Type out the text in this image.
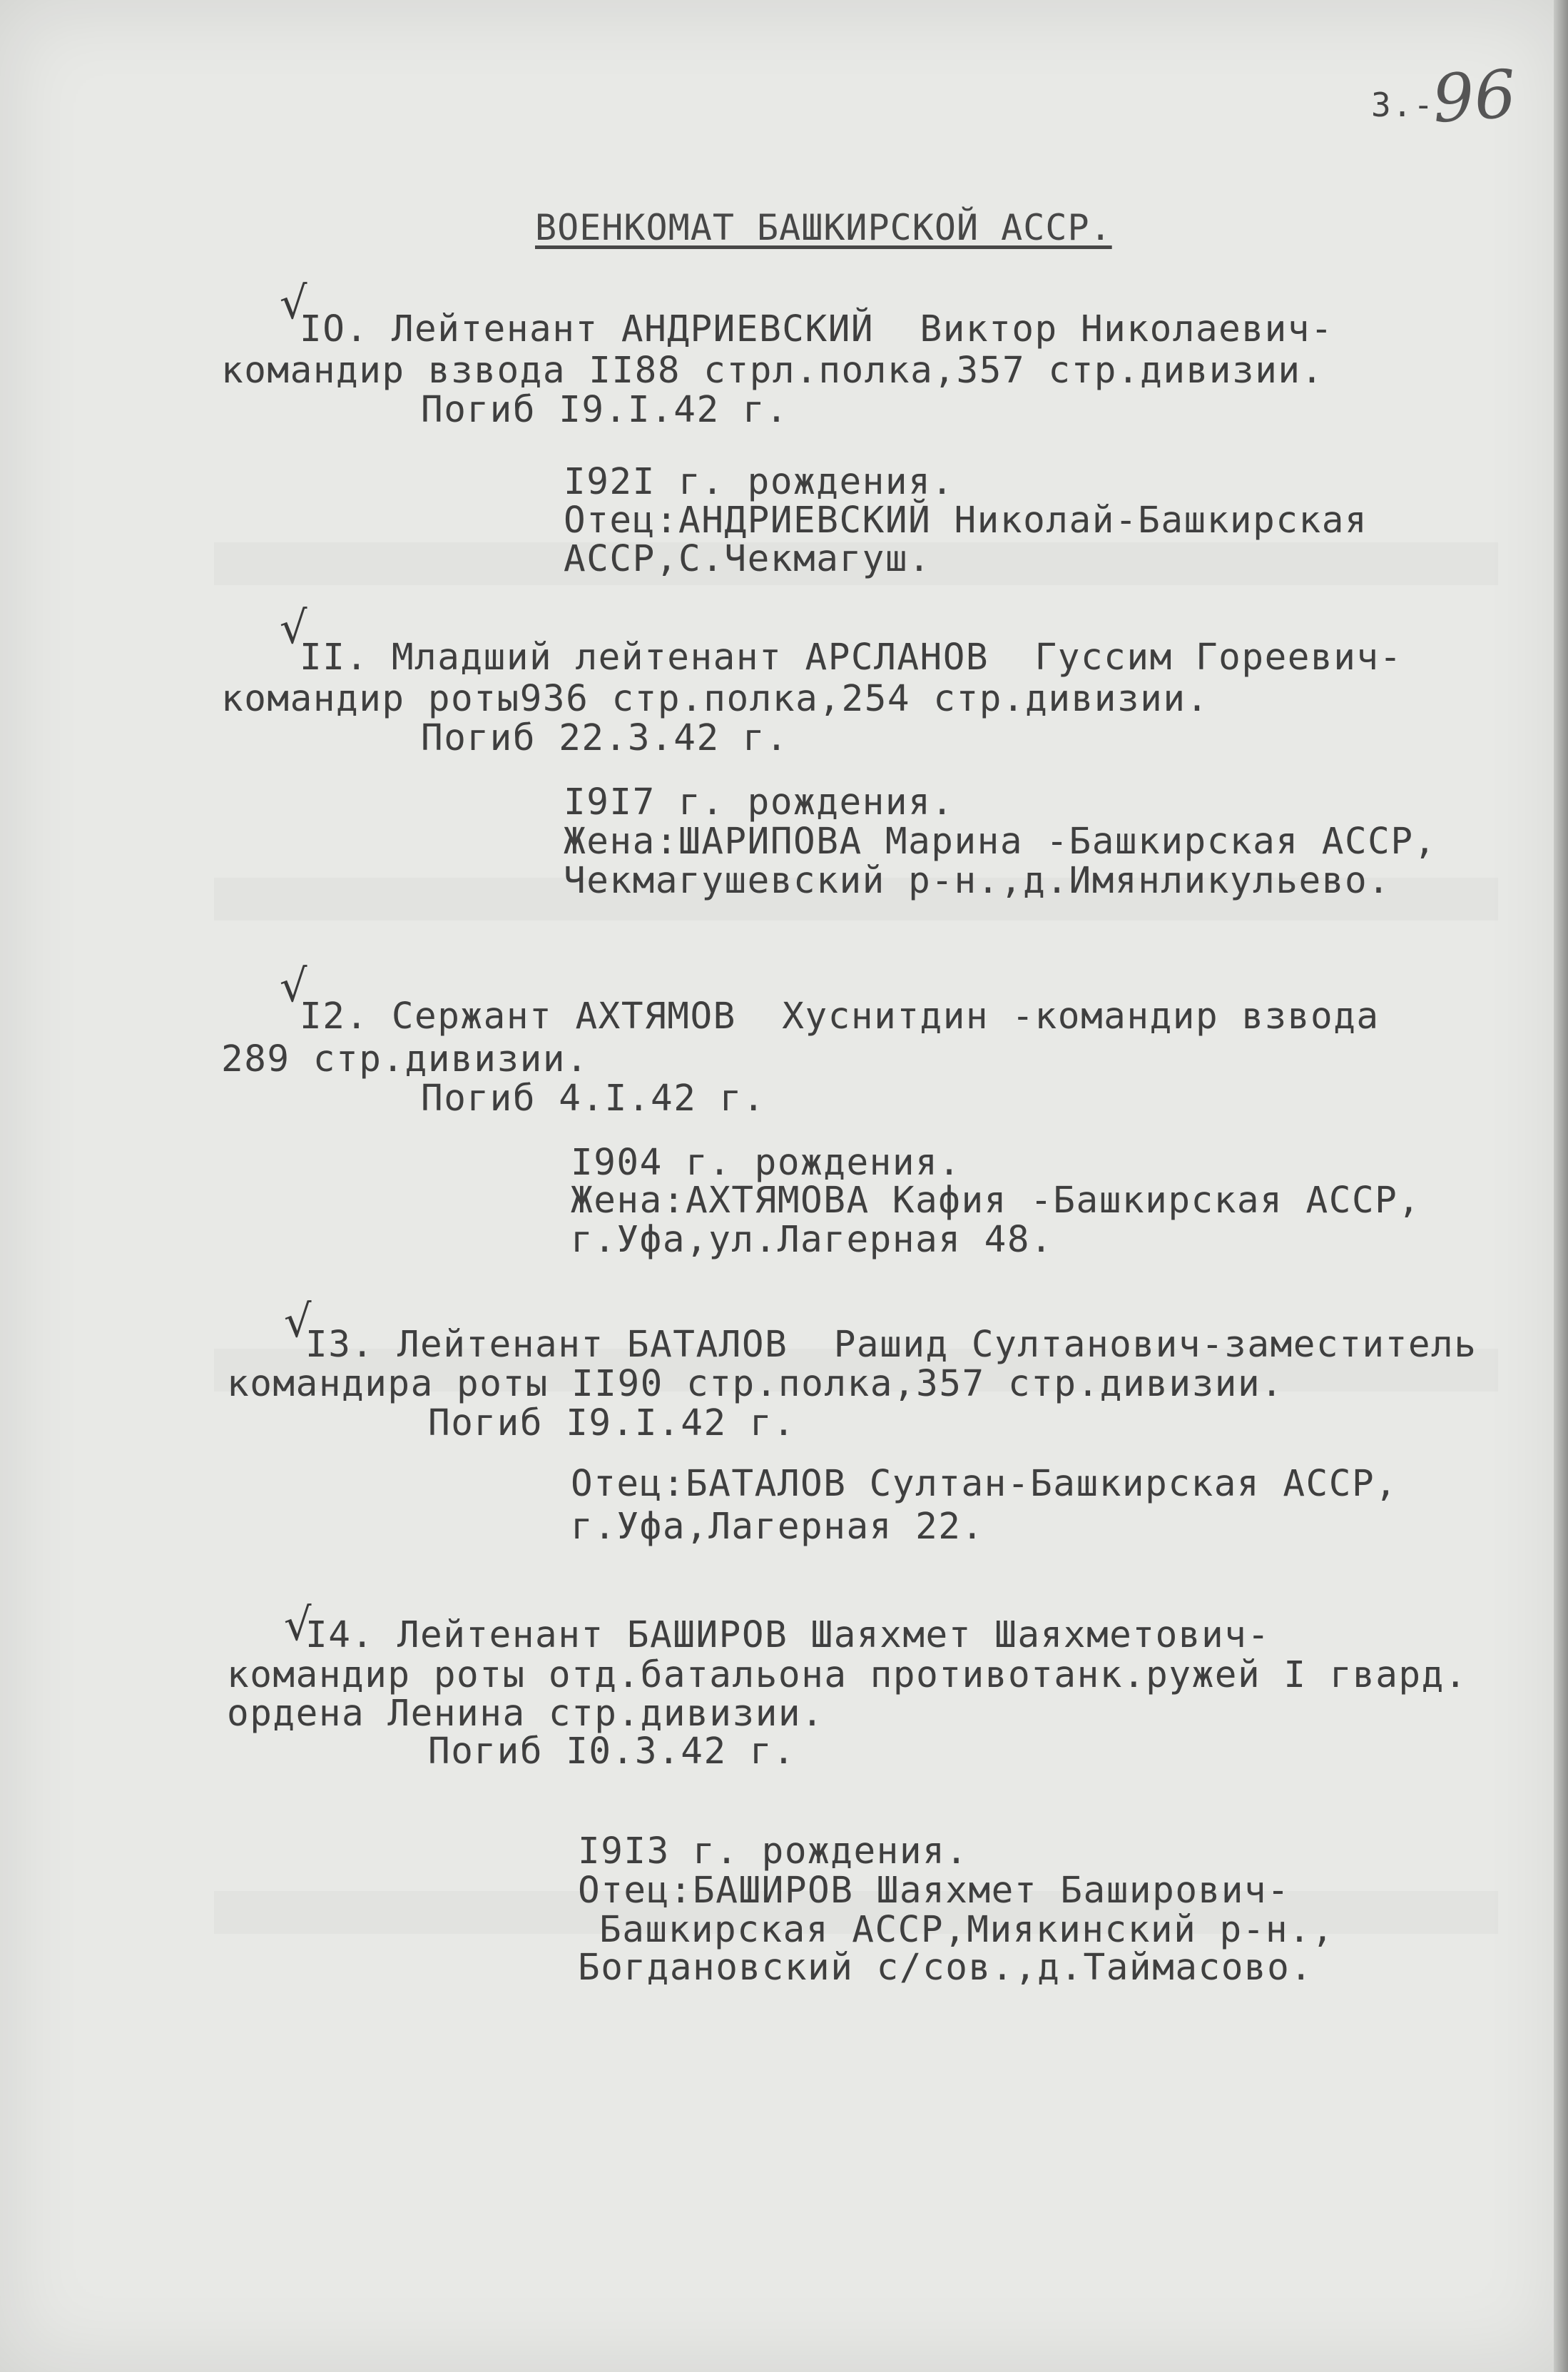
3.-
96
ВОЕНКОМАТ БАШКИРСКОЙ АССР.
√
IO. Лейтенант АНДРИЕВСКИЙ  Виктор Николаевич-
командир взвода II88 стрл.полка,357 стр.дивизии.
Погиб I9.I.42 г.
I92I г. рождения.
Отец:АНДРИЕВСКИЙ Николай-Башкирская
АССР,С.Чекмагуш.
√
II. Младший лейтенант АРСЛАНОВ  Гуссим Гореевич-
командир роты936 стр.полка,254 стр.дивизии.
Погиб 22.3.42 г.
I9I7 г. рождения.
Жена:ШАРИПОВА Марина -Башкирская АССР,
Чекмагушевский р-н.,д.Имянликульево.
√
I2. Сержант АХТЯМОВ  Хуснитдин -командир взвода
289 стр.дивизии.
Погиб 4.I.42 г.
I904 г. рождения.
Жена:АХТЯМОВА Кафия -Башкирская АССР,
г.Уфа,ул.Лагерная 48.
√
I3. Лейтенант БАТАЛОВ  Рашид Султанович-заместитель
командира роты II90 стр.полка,357 стр.дивизии.
Погиб I9.I.42 г.
Отец:БАТАЛОВ Султан-Башкирская АССР,
г.Уфа,Лагерная 22.
√
I4. Лейтенант БАШИРОВ Шаяхмет Шаяхметович-
командир роты отд.батальона противотанк.ружей I гвард.
ордена Ленина стр.дивизии.
Погиб I0.3.42 г.
I9I3 г. рождения.
Отец:БАШИРОВ Шаяхмет Баширович-
Башкирская АССР,Миякинский р-н.,
Богдановский с/сов.,д.Таймасово.
